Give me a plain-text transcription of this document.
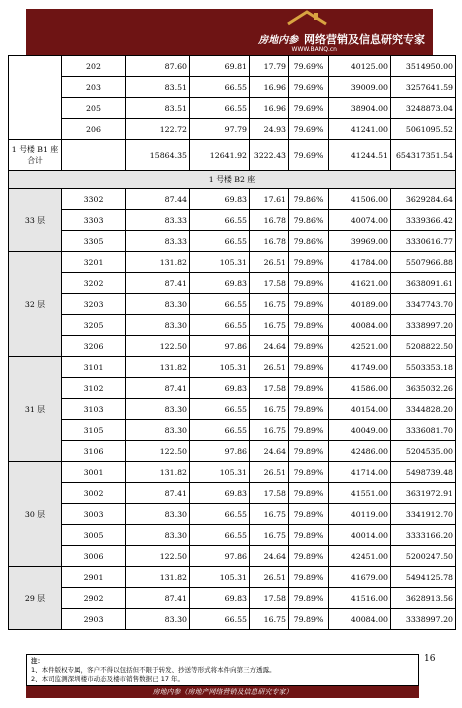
房地内参 网络营销及信息研究专家
WWW.BANQ.cn
	202	87.60	69.81	17.79	79.69%	40125.00	3514950.00
	203	83.51	66.55	16.96	79.69%	39009.00	3257641.59
	205	83.51	66.55	16.96	79.69%	38904.00	3248873.04
	206	122.72	97.79	24.93	79.69%	41241.00	5061095.52
1 号楼 B1 座合计		15864.35	12641.92	3222.43	79.69%	41244.51	654317351.54
1 号楼 B2 座							
33 层	3302	87.44	69.83	17.61	79.86%	41506.00	3629284.64
	3303	83.33	66.55	16.78	79.86%	40074.00	3339366.42
	3305	83.33	66.55	16.78	79.86%	39969.00	3330616.77
32 层	3201	131.82	105.31	26.51	79.89%	41784.00	5507966.88
	3202	87.41	69.83	17.58	79.89%	41621.00	3638091.61
	3203	83.30	66.55	16.75	79.89%	40189.00	3347743.70
	3205	83.30	66.55	16.75	79.89%	40084.00	3338997.20
	3206	122.50	97.86	24.64	79.89%	42521.00	5208822.50
31 层	3101	131.82	105.31	26.51	79.89%	41749.00	5503353.18
	3102	87.41	69.83	17.58	79.89%	41586.00	3635032.26
	3103	83.30	66.55	16.75	79.89%	40154.00	3344828.20
	3105	83.30	66.55	16.75	79.89%	40049.00	3336081.70
	3106	122.50	97.86	24.64	79.89%	42486.00	5204535.00
30 层	3001	131.82	105.31	26.51	79.89%	41714.00	5498739.48
	3002	87.41	69.83	17.58	79.89%	41551.00	3631972.91
	3003	83.30	66.55	16.75	79.89%	40119.00	3341912.70
	3005	83.30	66.55	16.75	79.89%	40014.00	3333166.20
	3006	122.50	97.86	24.64	79.89%	42451.00	5200247.50
29 层	2901	131.82	105.31	26.51	79.89%	41679.00	5494125.78
	2902	87.41	69.83	17.58	79.89%	41516.00	3628913.56
	2903	83.30	66.55	16.75	79.89%	40084.00	3338997.20
注：
1、本件版权专属，客户不得以包括但不限于转发、抄送等形式将本件向第三方透露。
2、本司监测深圳楼市动态及楼市销售数据已 17 年。
16
房地内参（房地产网络营销及信息研究专家）
